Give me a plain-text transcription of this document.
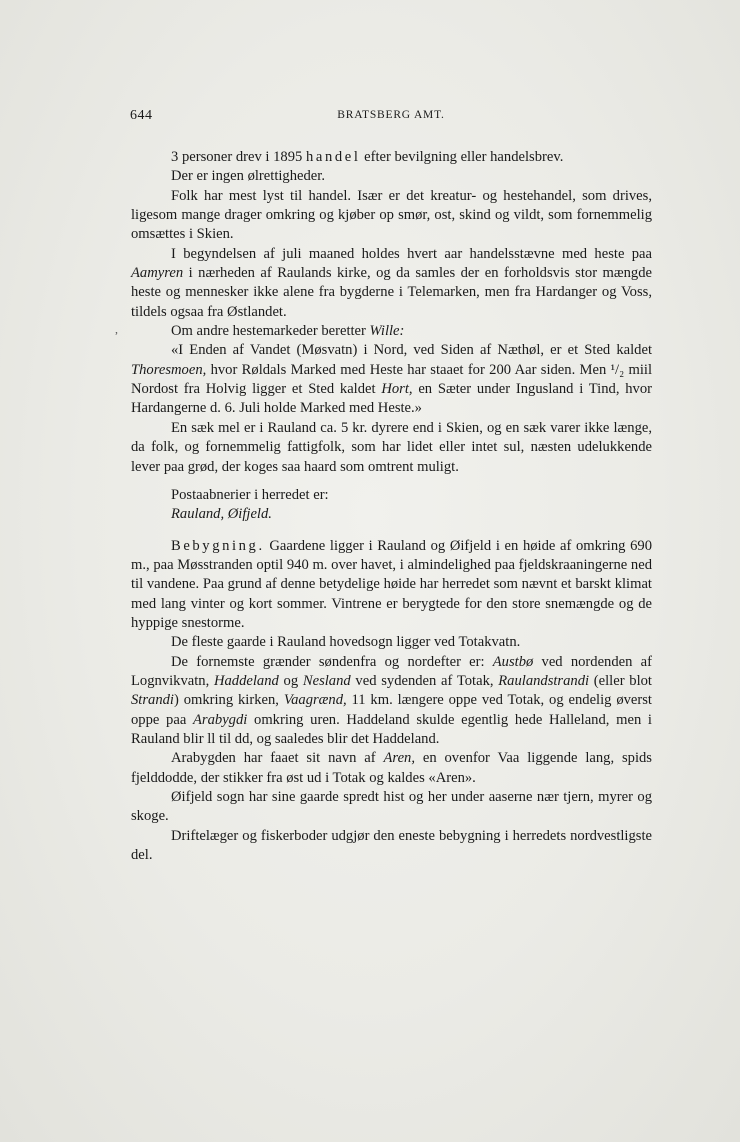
644	BRATSBERG AMT.
,

3 personer drev i 1895 handel efter bevilgning eller handelsbrev.

Der er ingen ølrettigheder.

Folk har mest lyst til handel. Især er det kreatur- og hestehandel, som drives, ligesom mange drager omkring og kjøber op smør, ost, skind og vildt, som fornemmelig omsættes i Skien.

I begyndelsen af juli maaned holdes hvert aar handelsstævne med heste paa Aamyren i nærheden af Raulands kirke, og da samles der en forholdsvis stor mængde heste og mennesker ikke alene fra bygderne i Telemarken, men fra Hardanger og Voss, tildels ogsaa fra Østlandet.

Om andre hestemarkeder beretter Wille:

«I Enden af Vandet (Møsvatn) i Nord, ved Siden af Næthøl, er et Sted kaldet Thoresmoen, hvor Røldals Marked med Heste har staaet for 200 Aar siden. Men ¹/₂ miil Nordost fra Holvig ligger et Sted kaldet Hort, en Sæter under Ingusland i Tind, hvor Hardangerne d. 6. Juli holde Marked med Heste.»

En sæk mel er i Rauland ca. 5 kr. dyrere end i Skien, og en sæk varer ikke længe, da folk, og fornemmelig fattigfolk, som har lidet eller intet sul, næsten udelukkende lever paa grød, der koges saa haard som omtrent muligt.

Postaabnerier i herredet er:

Rauland, Øifjeld.

Bebygning. Gaardene ligger i Rauland og Øifjeld i en høide af omkring 690 m., paa Møsstranden optil 940 m. over havet, i almindelighed paa fjeldskraaningerne ned til vandene. Paa grund af denne betydelige høide har herredet som nævnt et barskt klimat med lang vinter og kort sommer. Vintrene er berygtede for den store snemængde og de hyppige snestorme.

De fleste gaarde i Rauland hovedsogn ligger ved Totakvatn.

De fornemste grænder søndenfra og nordefter er: Austbø ved nordenden af Lognvikvatn, Haddeland og Nesland ved sydenden af Totak, Raulandstrandi (eller blot Strandi) omkring kirken, Vaagrænd, 11 km. længere oppe ved Totak, og endelig øverst oppe paa Arabygdi omkring uren. Haddeland skulde egentlig hede Halleland, men i Rauland blir ll til dd, og saaledes blir det Haddeland.

Arabygden har faaet sit navn af Aren, en ovenfor Vaa liggende lang, spids fjelddodde, der stikker fra øst ud i Totak og kaldes «Aren».

Øifjeld sogn har sine gaarde spredt hist og her under aaserne nær tjern, myrer og skoge.

Driftelæger og fiskerboder udgjør den eneste bebygning i herredets nordvestligste del.
